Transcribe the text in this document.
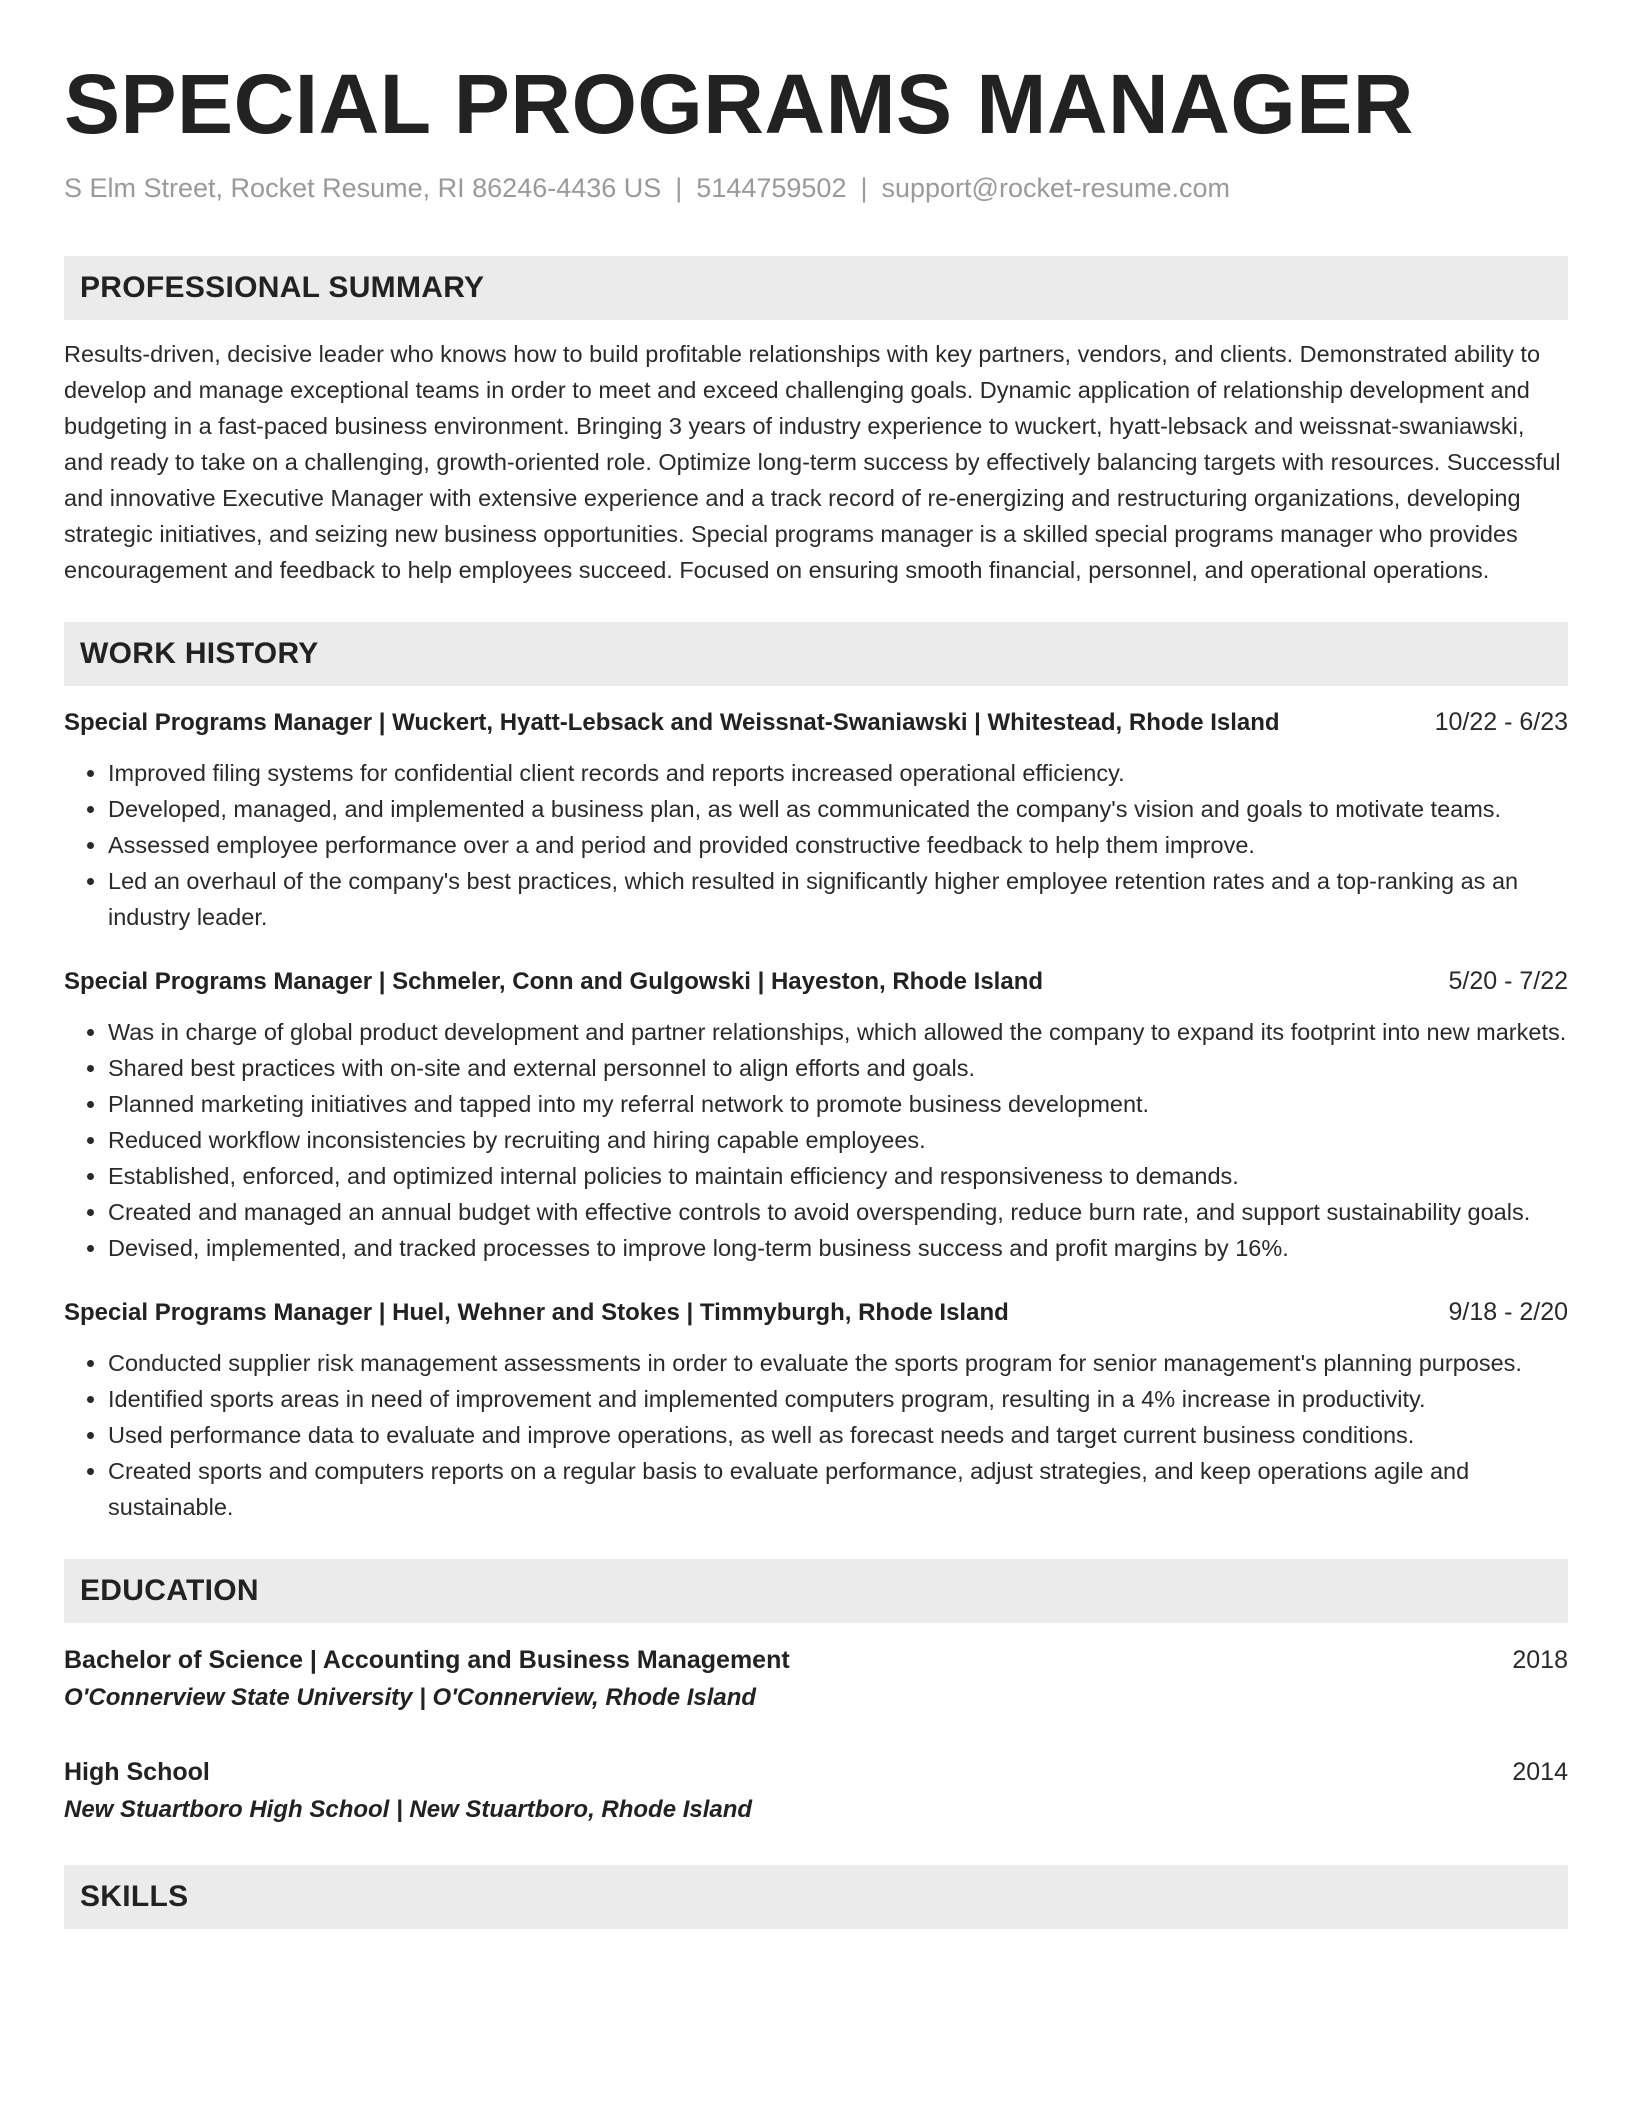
SPECIAL PROGRAMS MANAGER
S Elm Street, Rocket Resume, RI 86246-4436 US | 5144759502 | support@rocket-resume.com
PROFESSIONAL SUMMARY
Results-driven, decisive leader who knows how to build profitable relationships with key partners, vendors, and clients. Demonstrated ability to develop and manage exceptional teams in order to meet and exceed challenging goals. Dynamic application of relationship development and budgeting in a fast-paced business environment. Bringing 3 years of industry experience to wuckert, hyatt-lebsack and weissnat-swaniawski, and ready to take on a challenging, growth-oriented role. Optimize long-term success by effectively balancing targets with resources. Successful and innovative Executive Manager with extensive experience and a track record of re-energizing and restructuring organizations, developing strategic initiatives, and seizing new business opportunities. Special programs manager is a skilled special programs manager who provides encouragement and feedback to help employees succeed. Focused on ensuring smooth financial, personnel, and operational operations.
WORK HISTORY
Special Programs Manager | Wuckert, Hyatt-Lebsack and Weissnat-Swaniawski | Whitestead, Rhode Island	10/22 - 6/23
• Improved filing systems for confidential client records and reports increased operational efficiency.
• Developed, managed, and implemented a business plan, as well as communicated the company's vision and goals to motivate teams.
• Assessed employee performance over a and period and provided constructive feedback to help them improve.
• Led an overhaul of the company's best practices, which resulted in significantly higher employee retention rates and a top-ranking as an industry leader.
Special Programs Manager | Schmeler, Conn and Gulgowski | Hayeston, Rhode Island	5/20 - 7/22
• Was in charge of global product development and partner relationships, which allowed the company to expand its footprint into new markets.
• Shared best practices with on-site and external personnel to align efforts and goals.
• Planned marketing initiatives and tapped into my referral network to promote business development.
• Reduced workflow inconsistencies by recruiting and hiring capable employees.
• Established, enforced, and optimized internal policies to maintain efficiency and responsiveness to demands.
• Created and managed an annual budget with effective controls to avoid overspending, reduce burn rate, and support sustainability goals.
• Devised, implemented, and tracked processes to improve long-term business success and profit margins by 16%.
Special Programs Manager | Huel, Wehner and Stokes | Timmyburgh, Rhode Island	9/18 - 2/20
• Conducted supplier risk management assessments in order to evaluate the sports program for senior management's planning purposes.
• Identified sports areas in need of improvement and implemented computers program, resulting in a 4% increase in productivity.
• Used performance data to evaluate and improve operations, as well as forecast needs and target current business conditions.
• Created sports and computers reports on a regular basis to evaluate performance, adjust strategies, and keep operations agile and sustainable.
EDUCATION
Bachelor of Science | Accounting and Business Management	2018
O'Connerview State University | O'Connerview, Rhode Island
High School	2014
New Stuartboro High School | New Stuartboro, Rhode Island
SKILLS
